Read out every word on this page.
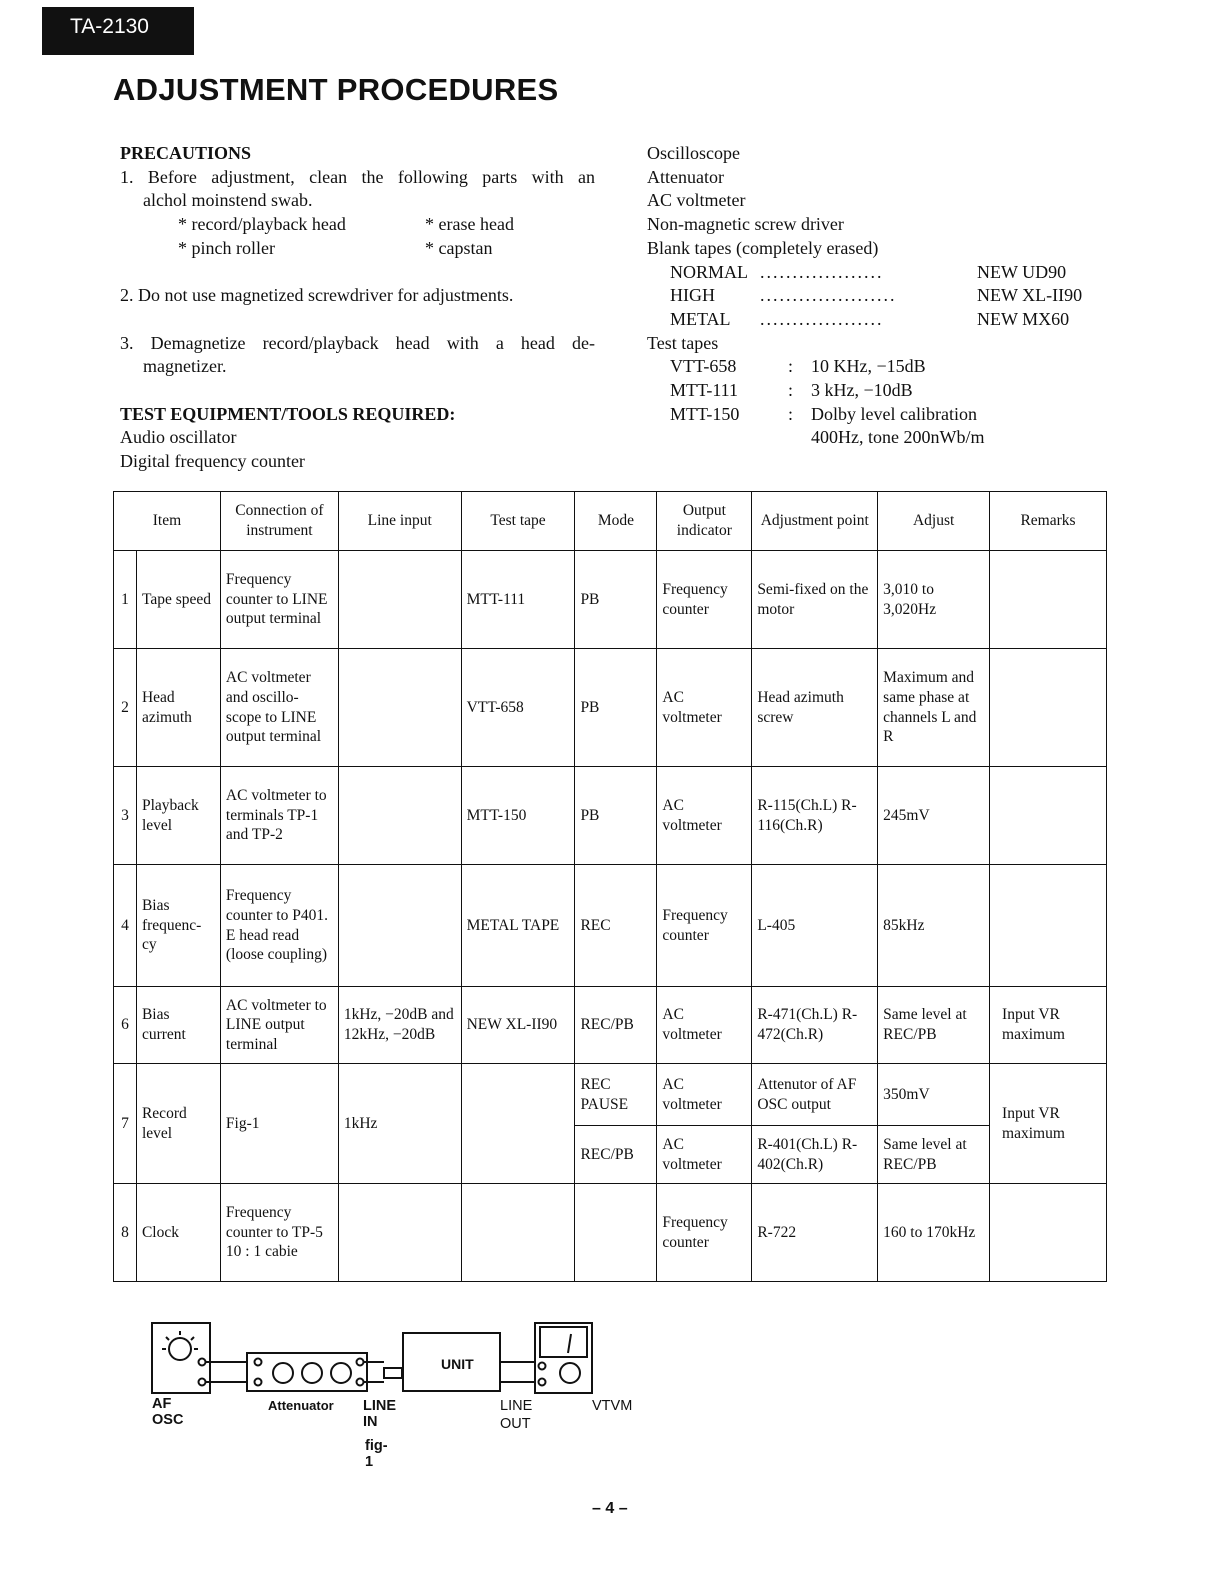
TA-2130
ADJUSTMENT PROCEDURES
PRECAUTIONS
1. Before adjustment, clean the following parts with an
alchol moinstend swab.
* record/playback head	* erase head
* pinch roller	* capstan
2. Do not use magnetized screwdriver for adjustments.
3. Demagnetize record/playback head with a head de-
magnetizer.
TEST EQUIPMENT/TOOLS REQUIRED:
Audio oscillator
Digital frequency counter
Oscilloscope
Attenuator
AC voltmeter
Non-magnetic screw driver
Blank tapes (completely erased)
NORMAL ...................	NEW UD90
HIGH	.....................	NEW XL-II90
METAL	...................	NEW MX60
Test tapes
VTT-658	: 10 KHz, −15dB
MTT-111	: 3 kHz, −10dB
MTT-150	: Dolby level calibration
400Hz, tone 200nWb/m
Item		Connection of instrument	Line input	Test tape	Mode	Output indicator	Adjustment point	Adjust	Remarks
1	Tape speed	Frequency counter to LINE output terminal		MTT-111	PB	Frequency counter	Semi-fixed on the motor	3,010 to 3,020Hz	
2	Head azimuth	AC voltmeter and oscillo-scope to LINE output terminal		VTT-658	PB	AC voltmeter	Head azimuth screw	Maximum and same phase at channels L and R	
3	Playback level	AC voltmeter to terminals TP-1 and TP-2		MTT-150	PB	AC voltmeter	R-115(Ch.L) R-116(Ch.R)	245mV	
4	Bias frequenc-cy	Frequency counter to P401. E head read (loose coupling)		METAL TAPE	REC	Frequency counter	L-405	85kHz	
6	Bias current	AC voltmeter to LINE output terminal	1kHz, −20dB and 12kHz, −20dB	NEW XL-II90	REC/PB	AC voltmeter	R-471(Ch.L) R-472(Ch.R)	Same level at REC/PB	Input VR maximum
7	Record level	Fig-1	1kHz		REC PAUSE	AC voltmeter	Attenutor of AF OSC output	350mV	Input VR maximum
					REC/PB	AC voltmeter	R-401(Ch.L) R-402(Ch.R)	Same level at REC/PB	
8	Clock	Frequency counter to TP-5 10 : 1 cabie				Frequency counter	R-722	160 to 170kHz	
UNIT
AF OSC
Attenuator LINE IN
LINE
OUT
VTVM
fig-1
– 4 –
